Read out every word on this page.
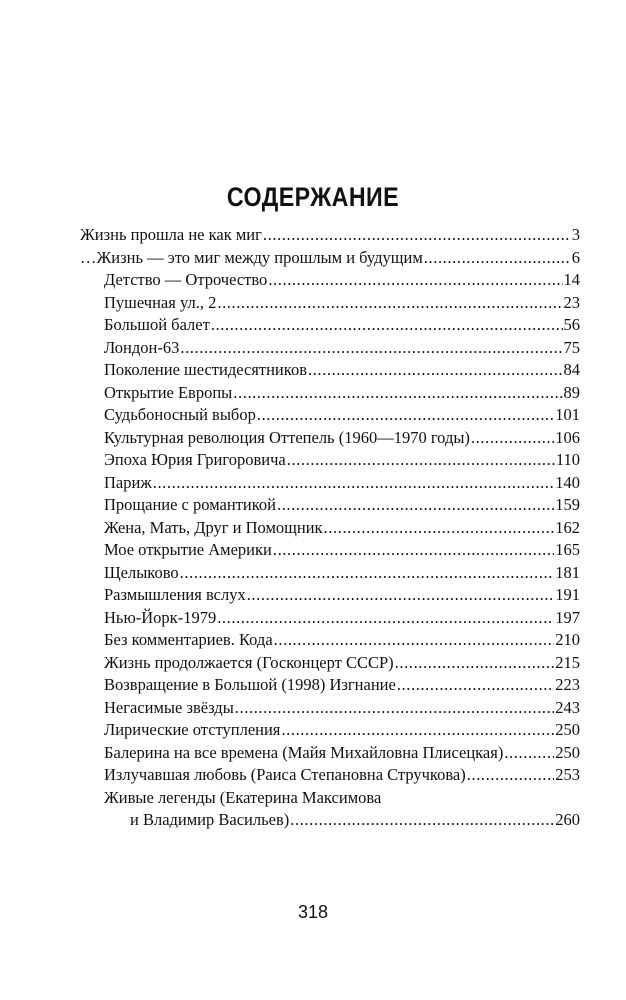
СОДЕРЖАНИЕ
Жизнь прошла не как миг .....	3
…Жизнь — это миг между прошлым и будущим .....	6
Детство — Отрочество .....	14
Пушечная ул., 2 .....	23
Большой балет .....	56
Лондон-63 .....	75
Поколение шестидесятников .....	84
Открытие Европы .....	89
Судьбоносный выбор .....	101
Культурная революция Оттепель (1960—1970 годы) .....	106
Эпоха Юрия Григоровича .....	110
Париж .....	140
Прощание с романтикой .....	159
Жена, Мать, Друг и Помощник .....	162
Мое открытие Америки .....	165
Щелыково .....	181
Размышления вслух .....	191
Нью-Йорк-1979 .....	197
Без комментариев. Кода .....	210
Жизнь продолжается (Госконцерт СССР) .....	215
Возвращение в Большой (1998) Изгнание .....	223
Негасимые звёзды .....	243
Лирические отступления .....	250
Балерина на все времена (Майя Михайловна Плисецкая) .....	250
Излучавшая любовь (Раиса Степановна Стручкова) .....	253
Живые легенды (Екатерина Максимова
и Владимир Васильев) .....	260
318
